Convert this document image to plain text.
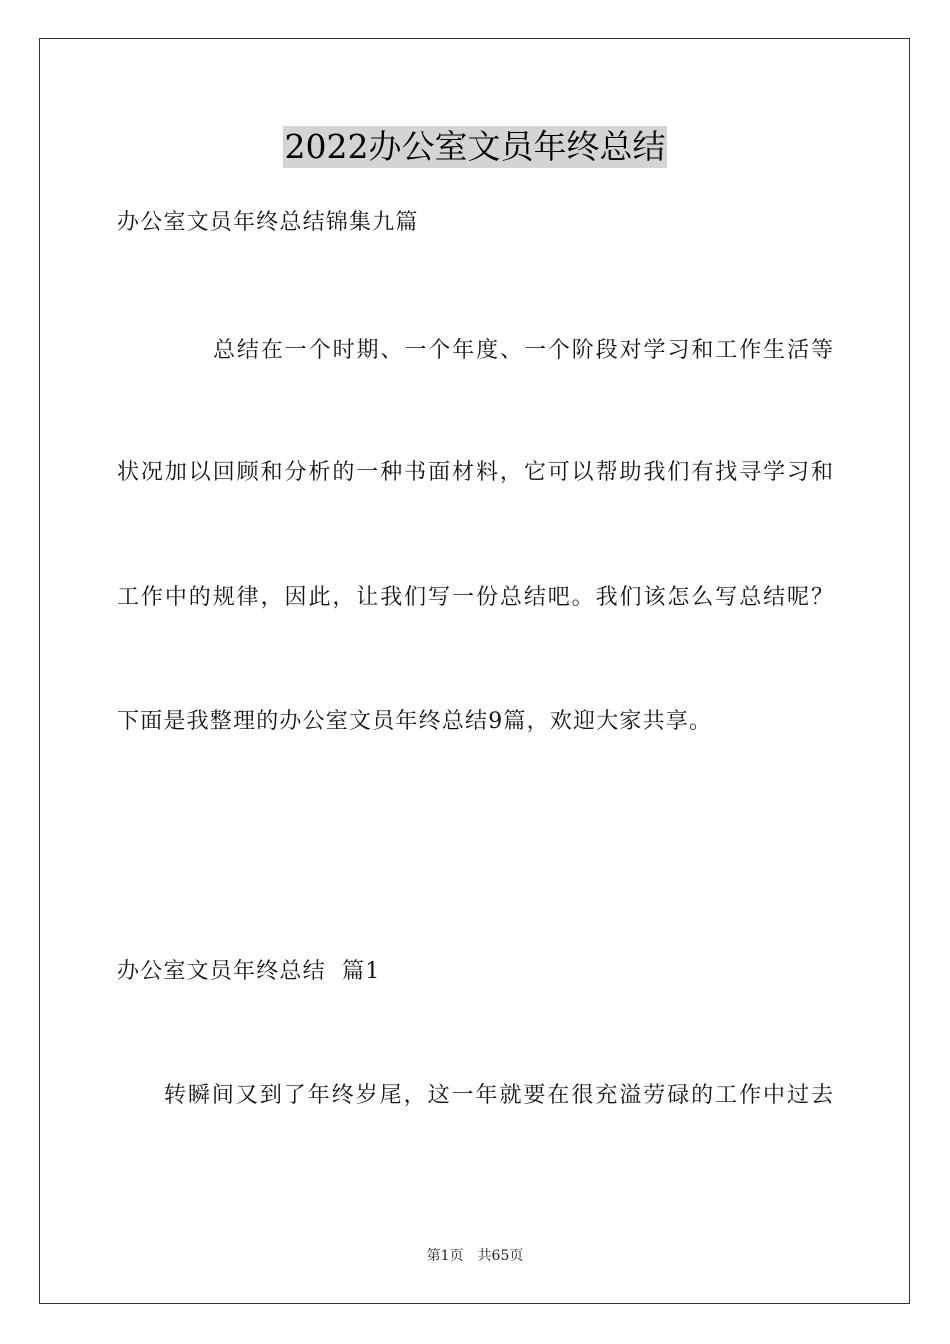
2022办公室文员年终总结
办公室文员年终总结锦集九篇
总结在一个时期、一个年度、一个阶段对学习和工作生活等
状况加以回顾和分析的一种书面材料，它可以帮助我们有找寻学习和
工作中的规律，因此，让我们写一份总结吧。我们该怎么写总结呢？
下面是我整理的办公室文员年终总结9篇，欢迎大家共享。
办公室文员年终总结  篇1
转瞬间又到了年终岁尾，这一年就要在很充溢劳碌的工作中过去
第1页 共65页
